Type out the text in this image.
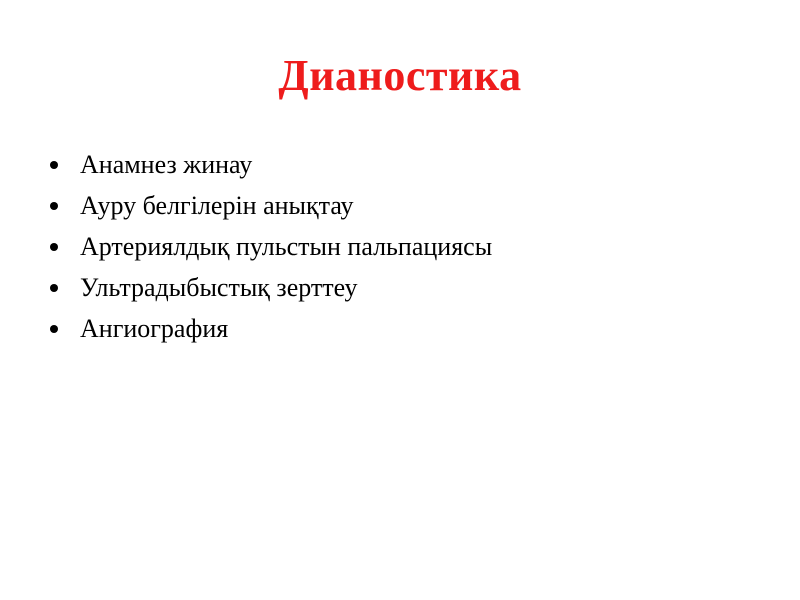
Дианостика
Анамнез жинау
Ауру белгілерін анықтау
Артериялдық пульстын пальпациясы
Ультрадыбыстық зерттеу
Ангиография
